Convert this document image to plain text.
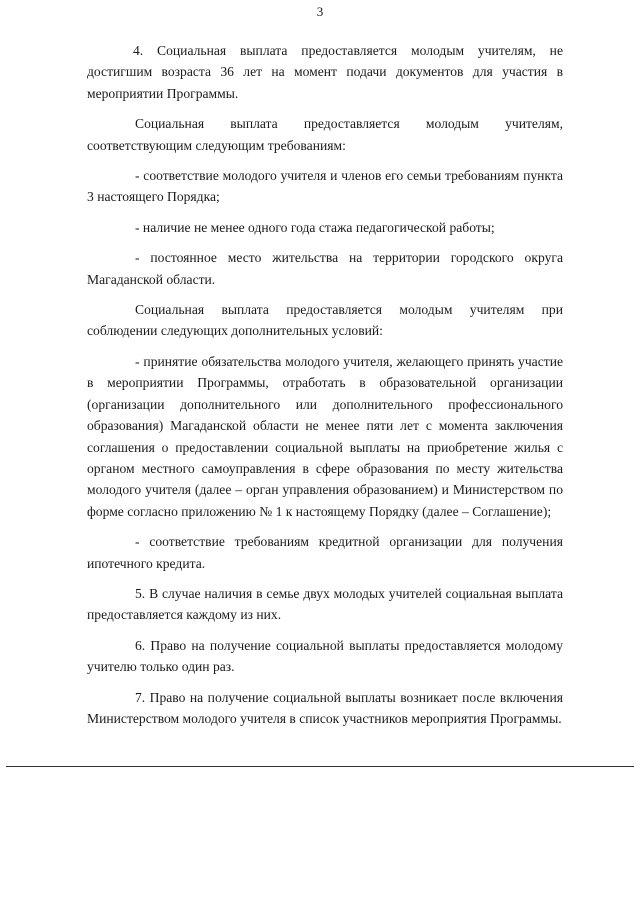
3

4. Социальная выплата предоставляется молодым учителям, не достигшим возраста 36 лет на момент подачи документов для участия в мероприятии Программы.

Социальная выплата предоставляется молодым учителям, соответствующим следующим требованиям:

- соответствие молодого учителя и членов его семьи требованиям пункта 3 настоящего Порядка;

- наличие не менее одного года стажа педагогической работы;

- постоянное место жительства на территории городского округа Магаданской области.

Социальная выплата предоставляется молодым учителям при соблюдении следующих дополнительных условий:

- принятие обязательства молодого учителя, желающего принять участие в мероприятии Программы, отработать в образовательной организации (организации дополнительного или дополнительного профессионального образования) Магаданской области не менее пяти лет с момента заключения соглашения о предоставлении социальной выплаты на приобретение жилья с органом местного самоуправления в сфере образования по месту жительства молодого учителя (далее – орган управления образованием) и Министерством по форме согласно приложению № 1 к настоящему Порядку (далее – Соглашение);

- соответствие требованиям кредитной организации для получения ипотечного кредита.

5. В случае наличия в семье двух молодых учителей социальная выплата предоставляется каждому из них.

6. Право на получение социальной выплаты предоставляется молодому учителю только один раз.

7. Право на получение социальной выплаты возникает после включения Министерством молодого учителя в список участников мероприятия Программы.
